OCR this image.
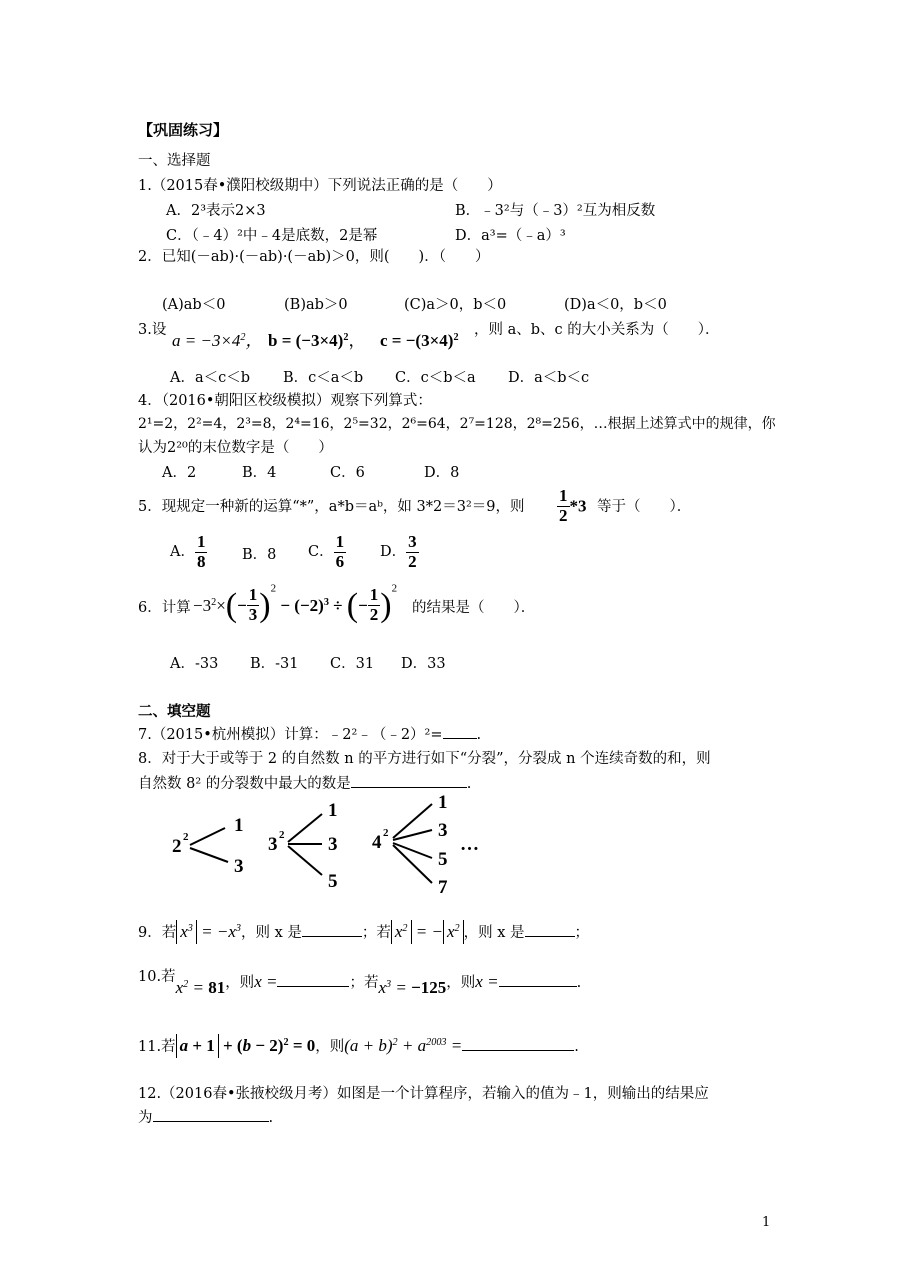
【巩固练习】
一、选择题
1.（2015春•濮阳校级期中）下列说法正确的是（　　）
A．2³表示2×3	B．﹣3²与（﹣3）²互为相反数
C．（﹣4）²中﹣4是底数，2是幂	D．a³=（﹣a）³
2．已知(－ab)·(－ab)·(－ab)＞0，则(　　)．（　　）
(A)ab＜0	(B)ab＞0	(C)a＞0，b＜0	(D)a＜0，b＜0
3.设
$a = -3\times 4^2$， $b = (-3\times 4)^2$， $c = -(3\times 4)^2$ ，则 a、b、c 的大小关系为（　　）．
A．a＜c＜b B．c＜a＜b C．c＜b＜a D．a＜b＜c
4．（2016•朝阳区校级模拟）观察下列算式：
2¹=2，2²=4，2³=8，2⁴=16，2⁵=32，2⁶=64，2⁷=128，2⁸=256，…根据上述算式中的规律，你
认为2²⁰的末位数字是（　　）
A．2	B．4	C．6	D．8
5．现规定一种新的运算“*”，a*b＝aᵇ，如 3*2＝3²＝9，则 $\frac{1}{2} *3$ 等于（　　）．
A． $\frac{1}{8}$ B．8 C． $\frac{1}{6}$ D． $\frac{3}{2}$
6．计算 $-3^2\times(- \frac{1}{3} )^2 - (-2)^3$ ÷ (− $\frac{1}{2} )^2$
的结果是（　　）．
A．-33 B．-31 C．31 D．33
二、填空题
7.（2015•杭州模拟）计算：﹣2²﹣（﹣2）²= .
8．对于大于或等于 2 的自然数 n 的平方进行如下“分裂”，分裂成 n 个连续奇数的和，则
自然数 8² 的分裂数中最大的数是	.
2 2
1
3
3 2
1
3
5
4 2
1
3
5
7
…
9．若 $x^3 = -x^3$，则 x 是	；若 $x^2$ = − $x^2$ ，则 x 是	；
10.若$x^2 = 81$，则x =	；若$x^3 = -125$，则x =	.
11.若 $a + 1 + (b - 2)^2 = 0$，则$(a + b)^2 + a^{2003}$ =	.
12.（2016春•张掖校级月考）如图是一个计算程序，若输入的值为﹣1，则输出的结果应
为	.
1
